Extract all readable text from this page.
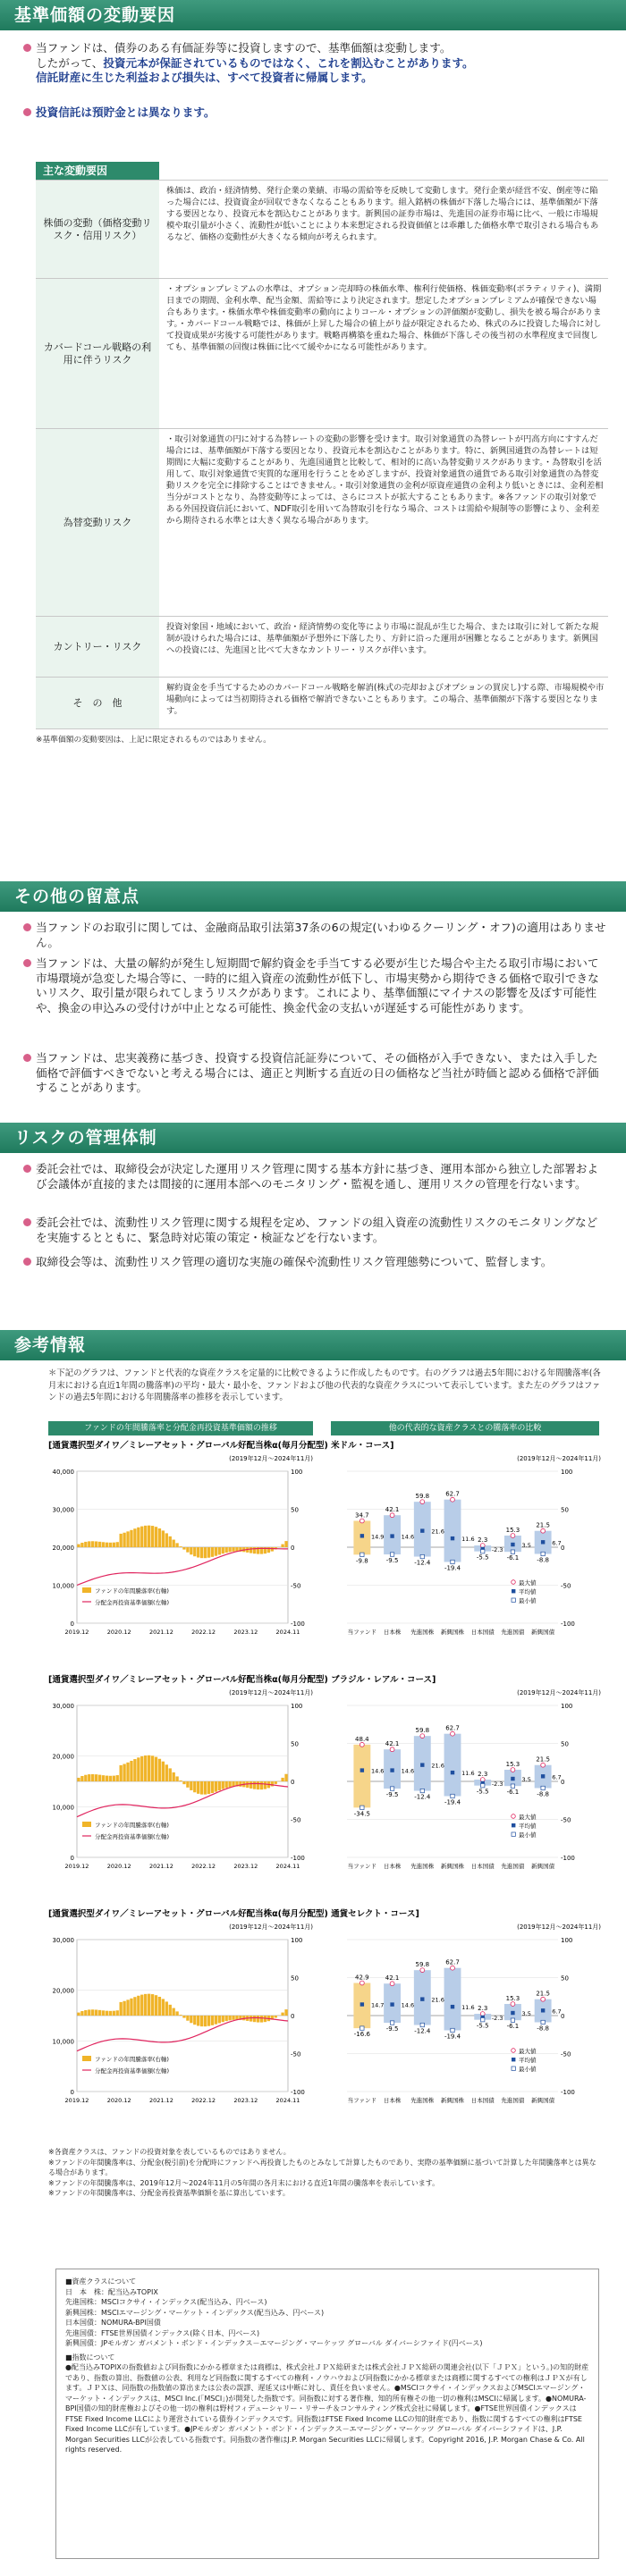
基準価額の変動要因
当ファンドは、債券のある有価証券等に投資しますので、基準価額は変動します。
したがって、投資元本が保証されているものではなく、これを割込むことがあります。
信託財産に生じた利益および損失は、すべて投資者に帰属します。
投資信託は預貯金とは異なります。
主な変動要因
株価の変動（価格変動リスク・信用リスク）
株価は、政治・経済情勢、発行企業の業績、市場の需給等を反映して変動します。発行企業が経営不安、倒産等に陥った場合には、投資資金が回収できなくなることもあります。組入銘柄の株価が下落した場合には、基準価額が下落する要因となり、投資元本を割込むことがあります。新興国の証券市場は、先進国の証券市場に比べ、一般に市場規模や取引量が小さく、流動性が低いことにより本来想定される投資価値とは乖離した価格水準で取引される場合もあるなど、価格の変動性が大きくなる傾向が考えられます。
カバードコール戦略の利用に伴うリスク
・オプションプレミアムの水準は、オプション売却時の株価水準、権利行使価格、株価変動率(ボラティリティ)、満期日までの期間、金利水準、配当金額、需給等により決定されます。想定したオプションプレミアムが確保できない場合もあります。・株価水準や株価変動率の動向によりコール・オプションの評価額が変動し、損失を被る場合があります。・カバードコール戦略では、株価が上昇した場合の値上がり益が限定されるため、株式のみに投資した場合に対して投資成果が劣後する可能性があります。戦略再構築を重ねた場合、株価が下落しその後当初の水準程度まで回復しても、基準価額の回復は株価に比べて緩やかになる可能性があります。
為替変動リスク
・取引対象通貨の円に対する為替レートの変動の影響を受けます。取引対象通貨の為替レートが円高方向にすすんだ場合には、基準価額が下落する要因となり、投資元本を割込むことがあります。特に、新興国通貨の為替レートは短期間に大幅に変動することがあり、先進国通貨と比較して、相対的に高い為替変動リスクがあります。・為替取引を活用して、取引対象通貨で実質的な運用を行うことをめざしますが、投資対象通貨の通貨である取引対象通貨の為替変動リスクを完全に排除することはできません。・取引対象通貨の金利が原資産通貨の金利より低いときには、金利差相当分がコストとなり、為替変動等によっては、さらにコストが拡大することもあります。※各ファンドの取引対象である外国投資信託において、NDF取引を用いて為替取引を行なう場合、コストは需給や規制等の影響により、金利差から期待される水準とは大きく異なる場合があります。
カントリー・リスク
投資対象国・地域において、政治・経済情勢の変化等により市場に混乱が生じた場合、または取引に対して新たな規制が設けられた場合には、基準価額が予想外に下落したり、方針に沿った運用が困難となることがあります。新興国への投資には、先進国と比べて大きなカントリー・リスクが伴います。
そ　の　他
解約資金を手当てするためのカバードコール戦略を解消(株式の売却およびオプションの買戻し)する際、市場規模や市場動向によっては当初期待される価格で解消できないこともあります。この場合、基準価額が下落する要因となります。
※基準価額の変動要因は、上記に限定されるものではありません。
その他の留意点
当ファンドのお取引に関しては、金融商品取引法第37条の6の規定(いわゆるクーリング・オフ)の適用はありません。
当ファンドは、大量の解約が発生し短期間で解約資金を手当てする必要が生じた場合や主たる取引市場において市場環境が急変した場合等に、一時的に組入資産の流動性が低下し、市場実勢から期待できる価格で取引できないリスク、取引量が限られてしまうリスクがあります。これにより、基準価額にマイナスの影響を及ぼす可能性や、換金の申込みの受付けが中止となる可能性、換金代金の支払いが遅延する可能性があります。
当ファンドは、忠実義務に基づき、投資する投資信託証券について、その価格が入手できない、または入手した価格で評価すべきでないと考える場合には、適正と判断する直近の日の価格など当社が時価と認める価格で評価することがあります。
リスクの管理体制
委託会社では、取締役会が決定した運用リスク管理に関する基本方針に基づき、運用本部から独立した部署および会議体が直接的または間接的に運用本部へのモニタリング・監視を通し、運用リスクの管理を行ないます。
委託会社では、流動性リスク管理に関する規程を定め、ファンドの組入資産の流動性リスクのモニタリングなどを実施するとともに、緊急時対応策の策定・検証などを行ないます。
取締役会等は、流動性リスク管理の適切な実施の確保や流動性リスク管理態勢について、監督します。
参考情報
＊下記のグラフは、ファンドと代表的な資産クラスを定量的に比較できるように作成したものです。右のグラフは過去5年間における年間騰落率(各月末における直近1年間の騰落率)の平均・最大・最小を、ファンドおよび他の代表的な資産クラスについて表示しています。また左のグラフはファンドの過去5年間における年間騰落率の推移を表示しています。
ファンドの年間騰落率と分配金再投資基準価額の推移	他の代表的な資産クラスとの騰落率の比較
[通貨選択型ダイワ／ミレーアセット・グローバル好配当株α(毎月分配型) 米ドル・コース]
(2019年12月～2024年11月)	(2019年12月～2024年11月)
40,000
30,000
20,000
10,000
0
100
50
0
-50
-100
2019.12	2020.12	2021.12	2022.12	2023.12	2024.11
ファンドの年間騰落率(右軸)
分配金再投資基準価額(左軸)
100
50
0
-50
-100
34.7
14.9
-9.8
当ファンド
42.1
14.6
-9.5
日本株
59.8
21.6
-12.4
先進国株
62.7
11.6
-19.4
新興国株
2.3
-2.3
-5.5
日本国債
15.3
3.5
-6.1
先進国債
21.5
6.7
-8.8
新興国債
最大値
平均値
最小値
[通貨選択型ダイワ／ミレーアセット・グローバル好配当株α(毎月分配型) ブラジル・レアル・コース]
(2019年12月～2024年11月)	(2019年12月～2024年11月)
30,000
20,000
10,000
0
100
50
0
-50
-100
2019.12	2020.12	2021.12	2022.12	2023.12	2024.11
ファンドの年間騰落率(右軸)
分配金再投資基準価額(左軸)
100
50
0
-50
-100
48.4
14.6
-34.5
当ファンド
42.1
14.6
-9.5
日本株
59.8
21.6
-12.4
先進国株
62.7
11.6
-19.4
新興国株
2.3
-2.3
-5.5
日本国債
15.3
3.5
-6.1
先進国債
21.5
6.7
-8.8
新興国債
最大値
平均値
最小値
[通貨選択型ダイワ／ミレーアセット・グローバル好配当株α(毎月分配型) 通貨セレクト・コース]
(2019年12月～2024年11月)	(2019年12月～2024年11月)
30,000
20,000
10,000
0
100
50
0
-50
-100
2019.12	2020.12	2021.12	2022.12	2023.12	2024.11
ファンドの年間騰落率(右軸)
分配金再投資基準価額(左軸)
100
50
0
-50
-100
42.9
14.7
-16.6
当ファンド
42.1
14.6
-9.5
日本株
59.8
21.6
-12.4
先進国株
62.7
11.6
-19.4
新興国株
2.3
-2.3
-5.5
日本国債
15.3
3.5
-6.1
先進国債
21.5
6.7
-8.8
新興国債
最大値
平均値
最小値
※各資産クラスは、ファンドの投資対象を表しているものではありません。
※ファンドの年間騰落率は、分配金(税引前)を分配時にファンドへ再投資したものとみなして計算したものであり、実際の基準価額に基づいて計算した年間騰落率とは異なる場合があります。
※ファンドの年間騰落率は、2019年12月～2024年11月の5年間の各月末における直近1年間の騰落率を表示しています。
※ファンドの年間騰落率は、分配金再投資基準価額を基に算出しています。
■資産クラスについて
日　本　株：配当込みTOPIX
先進国株：MSCIコクサイ・インデックス(配当込み、円ベース)
新興国株：MSCIエマージング・マーケット・インデックス(配当込み、円ベース)
日本国債：NOMURA-BPI国債
先進国債：FTSE世界国債インデックス(除く日本、円ベース)
新興国債：JPモルガン ガバメント・ボンド・インデックス－エマージング・マーケッツ グローバル ダイバーシファイド(円ベース)
■指数について
●配当込みTOPIXの指数値および同指数にかかる標章または商標は、株式会社ＪＰＸ総研または株式会社ＪＰＸ総研の関連会社(以下「ＪＰＸ」という。)の知的財産であり、指数の算出、指数値の公表、利用など同指数に関するすべての権利・ノウハウおよび同指数にかかる標章または商標に関するすべての権利はＪＰＸが有します。ＪＰＸは、同指数の指数値の算出または公表の誤謬、遅延又は中断に対し、責任を負いません。●MSCIコクサイ・インデックスおよびMSCIエマージング・マーケット・インデックスは、MSCI Inc.(「MSCI」)が開発した指数です。同指数に対する著作権、知的所有権その他一切の権利はMSCIに帰属します。●NOMURA-BPI国債の知的財産権およびその他一切の権利は野村フィデューシャリー・リサーチ＆コンサルティング株式会社に帰属します。●FTSE世界国債インデックスはFTSE Fixed Income LLCにより運営されている債券インデックスです。同指数はFTSE Fixed Income LLCの知的財産であり、指数に関するすべての権利はFTSE Fixed Income LLCが有しています。●JPモルガン ガバメント・ボンド・インデックス－エマージング・マーケッツ グローバル ダイバーシファイドは、J.P. Morgan Securities LLCが公表している指数です。同指数の著作権はJ.P. Morgan Securities LLCに帰属します。Copyright 2016, J.P. Morgan Chase & Co. All rights reserved.
